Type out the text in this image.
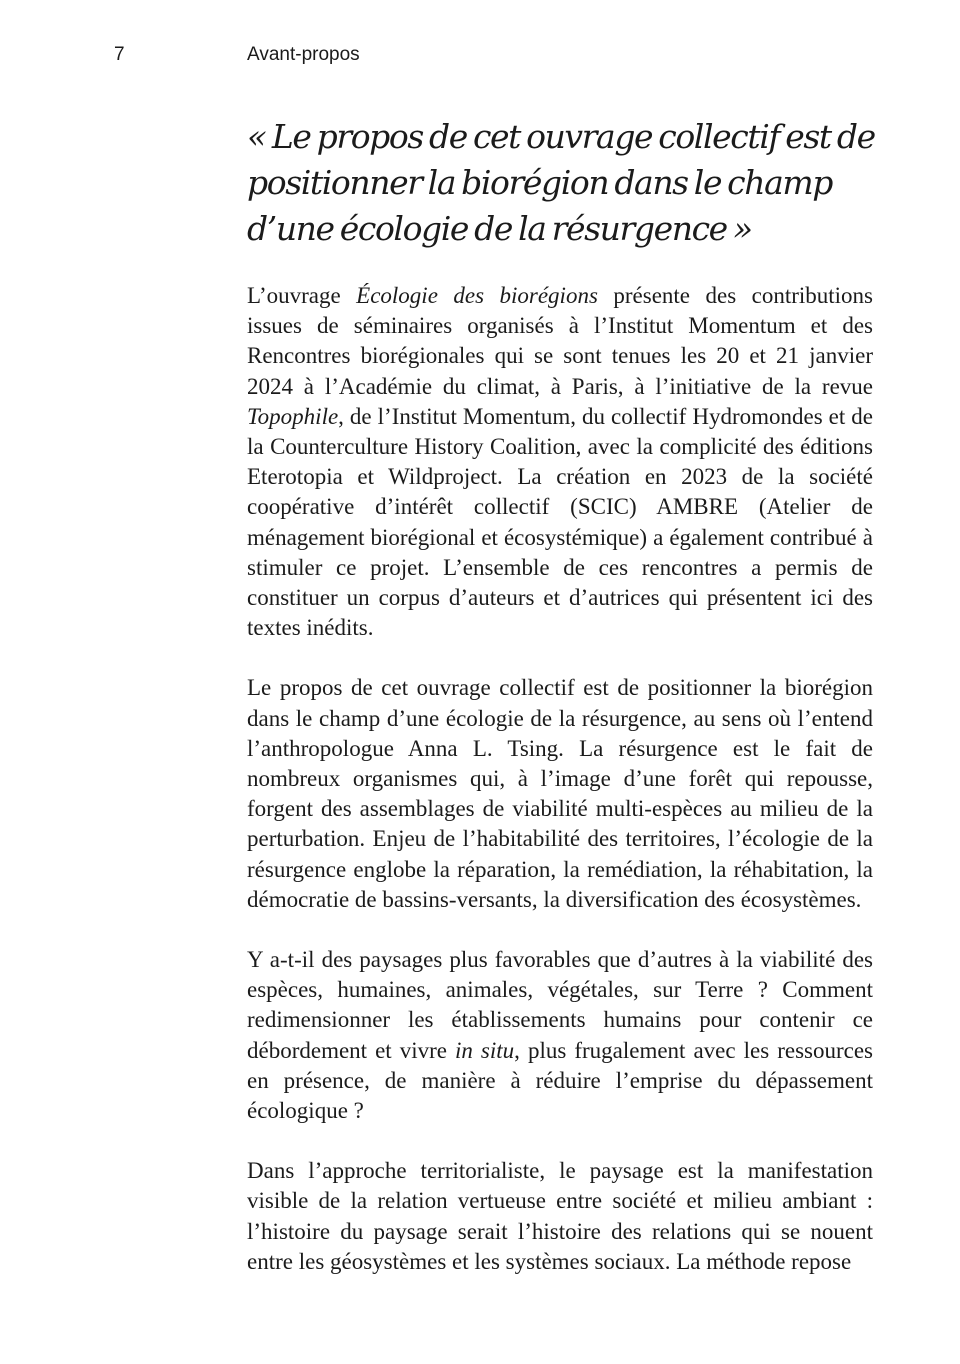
7	Avant-propos
« Le propos de cet ouvrage collectif est de positionner la biorégion dans le champ d’une écologie de la résurgence »

L’ouvrage Écologie des biorégions présente des contributions issues de séminaires organisés à l’Institut Momentum et des Rencontres biorégionales qui se sont tenues les 20 et 21 janvier 2024 à l’Académie du climat, à Paris, à l’initiative de la revue Topophile, de l’Institut Momentum, du collectif Hydromondes et de la Counterculture History Coalition, avec la complicité des éditions Eterotopia et Wildproject. La création en 2023 de la société coopérative d’intérêt collectif (SCIC) AMBRE (Atelier de ménagement biorégional et écosystémique) a également contribué à stimuler ce projet. L’ensemble de ces rencontres a permis de constituer un corpus d’auteurs et d’autrices qui présentent ici des textes inédits.

Le propos de cet ouvrage collectif est de positionner la biorégion dans le champ d’une écologie de la résurgence, au sens où l’entend l’anthropologue Anna L. Tsing. La résurgence est le fait de nombreux organismes qui, à l’image d’une forêt qui repousse, forgent des assemblages de viabilité multi-espèces au milieu de la perturbation. Enjeu de l’habitabilité des territoires, l’écologie de la résurgence englobe la réparation, la remédiation, la réhabitation, la démocratie de bassins-versants, la diversification des écosystèmes.

Y a-t-il des paysages plus favorables que d’autres à la viabilité des espèces, humaines, animales, végétales, sur Terre ? Comment redimensionner les établissements humains pour contenir ce débordement et vivre in situ, plus frugalement avec les ressources en présence, de manière à réduire l’emprise du dépassement écologique ?

Dans l’approche territorialiste, le paysage est la manifestation visible de la relation vertueuse entre société et milieu ambiant : l’histoire du paysage serait l’histoire des relations qui se nouent entre les géosystèmes et les systèmes sociaux. La méthode repose
